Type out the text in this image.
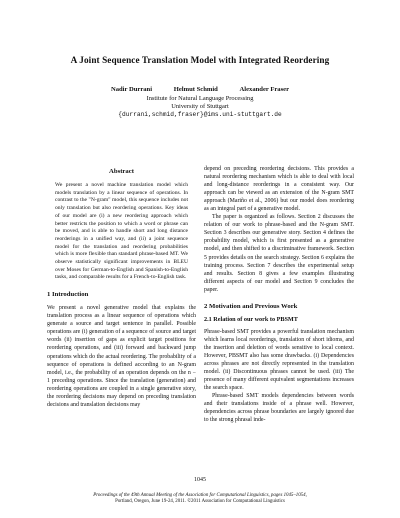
A Joint Sequence Translation Model with Integrated Reordering
Nadir Durrani	Helmut Schmid	Alexander Fraser
Institute for Natural Language Processing
University of Stuttgart
{durrani,schmid,fraser}@ims.uni-stuttgart.de
Abstract

We present a novel machine translation model which models translation by a linear sequence of operations. In contrast to the "N-gram" model, this sequence includes not only translation but also reordering operations. Key ideas of our model are (i) a new reordering approach which better restricts the position to which a word or phrase can be moved, and is able to handle short and long distance reorderings in a unified way, and (ii) a joint sequence model for the translation and reordering probabilities which is more flexible than standard phrase-based MT. We observe statistically significant improvements in BLEU over Moses for German-to-English and Spanish-to-English tasks, and comparable results for a French-to-English task.

1 Introduction

We present a novel generative model that explains the translation process as a linear sequence of operations which generate a source and target sentence in parallel. Possible operations are (i) generation of a sequence of source and target words (ii) insertion of gaps as explicit target positions for reordering operations, and (iii) forward and backward jump operations which do the actual reordering. The probability of a sequence of operations is defined according to an N-gram model, i.e., the probability of an operation depends on the n − 1 preceding operations. Since the translation (generation) and reordering operations are coupled in a single generative story, the reordering decisions may depend on preceding translation decisions and translation decisions may

depend on preceding reordering decisions. This provides a natural reordering mechanism which is able to deal with local and long-distance reorderings in a consistent way. Our approach can be viewed as an extension of the N-gram SMT approach (Mariño et al., 2006) but our model does reordering as an integral part of a generative model.

The paper is organized as follows. Section 2 discusses the relation of our work to phrase-based and the N-gram SMT. Section 3 describes our generative story. Section 4 defines the probability model, which is first presented as a generative model, and then shifted to a discriminative framework. Section 5 provides details on the search strategy. Section 6 explains the training process. Section 7 describes the experimental setup and results. Section 8 gives a few examples illustrating different aspects of our model and Section 9 concludes the paper.

2 Motivation and Previous Work
2.1 Relation of our work to PBSMT

Phrase-based SMT provides a powerful translation mechanism which learns local reorderings, translation of short idioms, and the insertion and deletion of words sensitive to local context. However, PBSMT also has some drawbacks. (i) Dependencies across phrases are not directly represented in the translation model. (ii) Discontinuous phrases cannot be used. (iii) The presence of many different equivalent segmentations increases the search space.

Phrase-based SMT models dependencies between words and their translations inside of a phrase well. However, dependencies across phrase boundaries are largely ignored due to the strong phrasal inde-

1045
Proceedings of the 49th Annual Meeting of the Association for Computational Linguistics, pages 1045–1054,
Portland, Oregon, June 19-24, 2011. ©2011 Association for Computational Linguistics
